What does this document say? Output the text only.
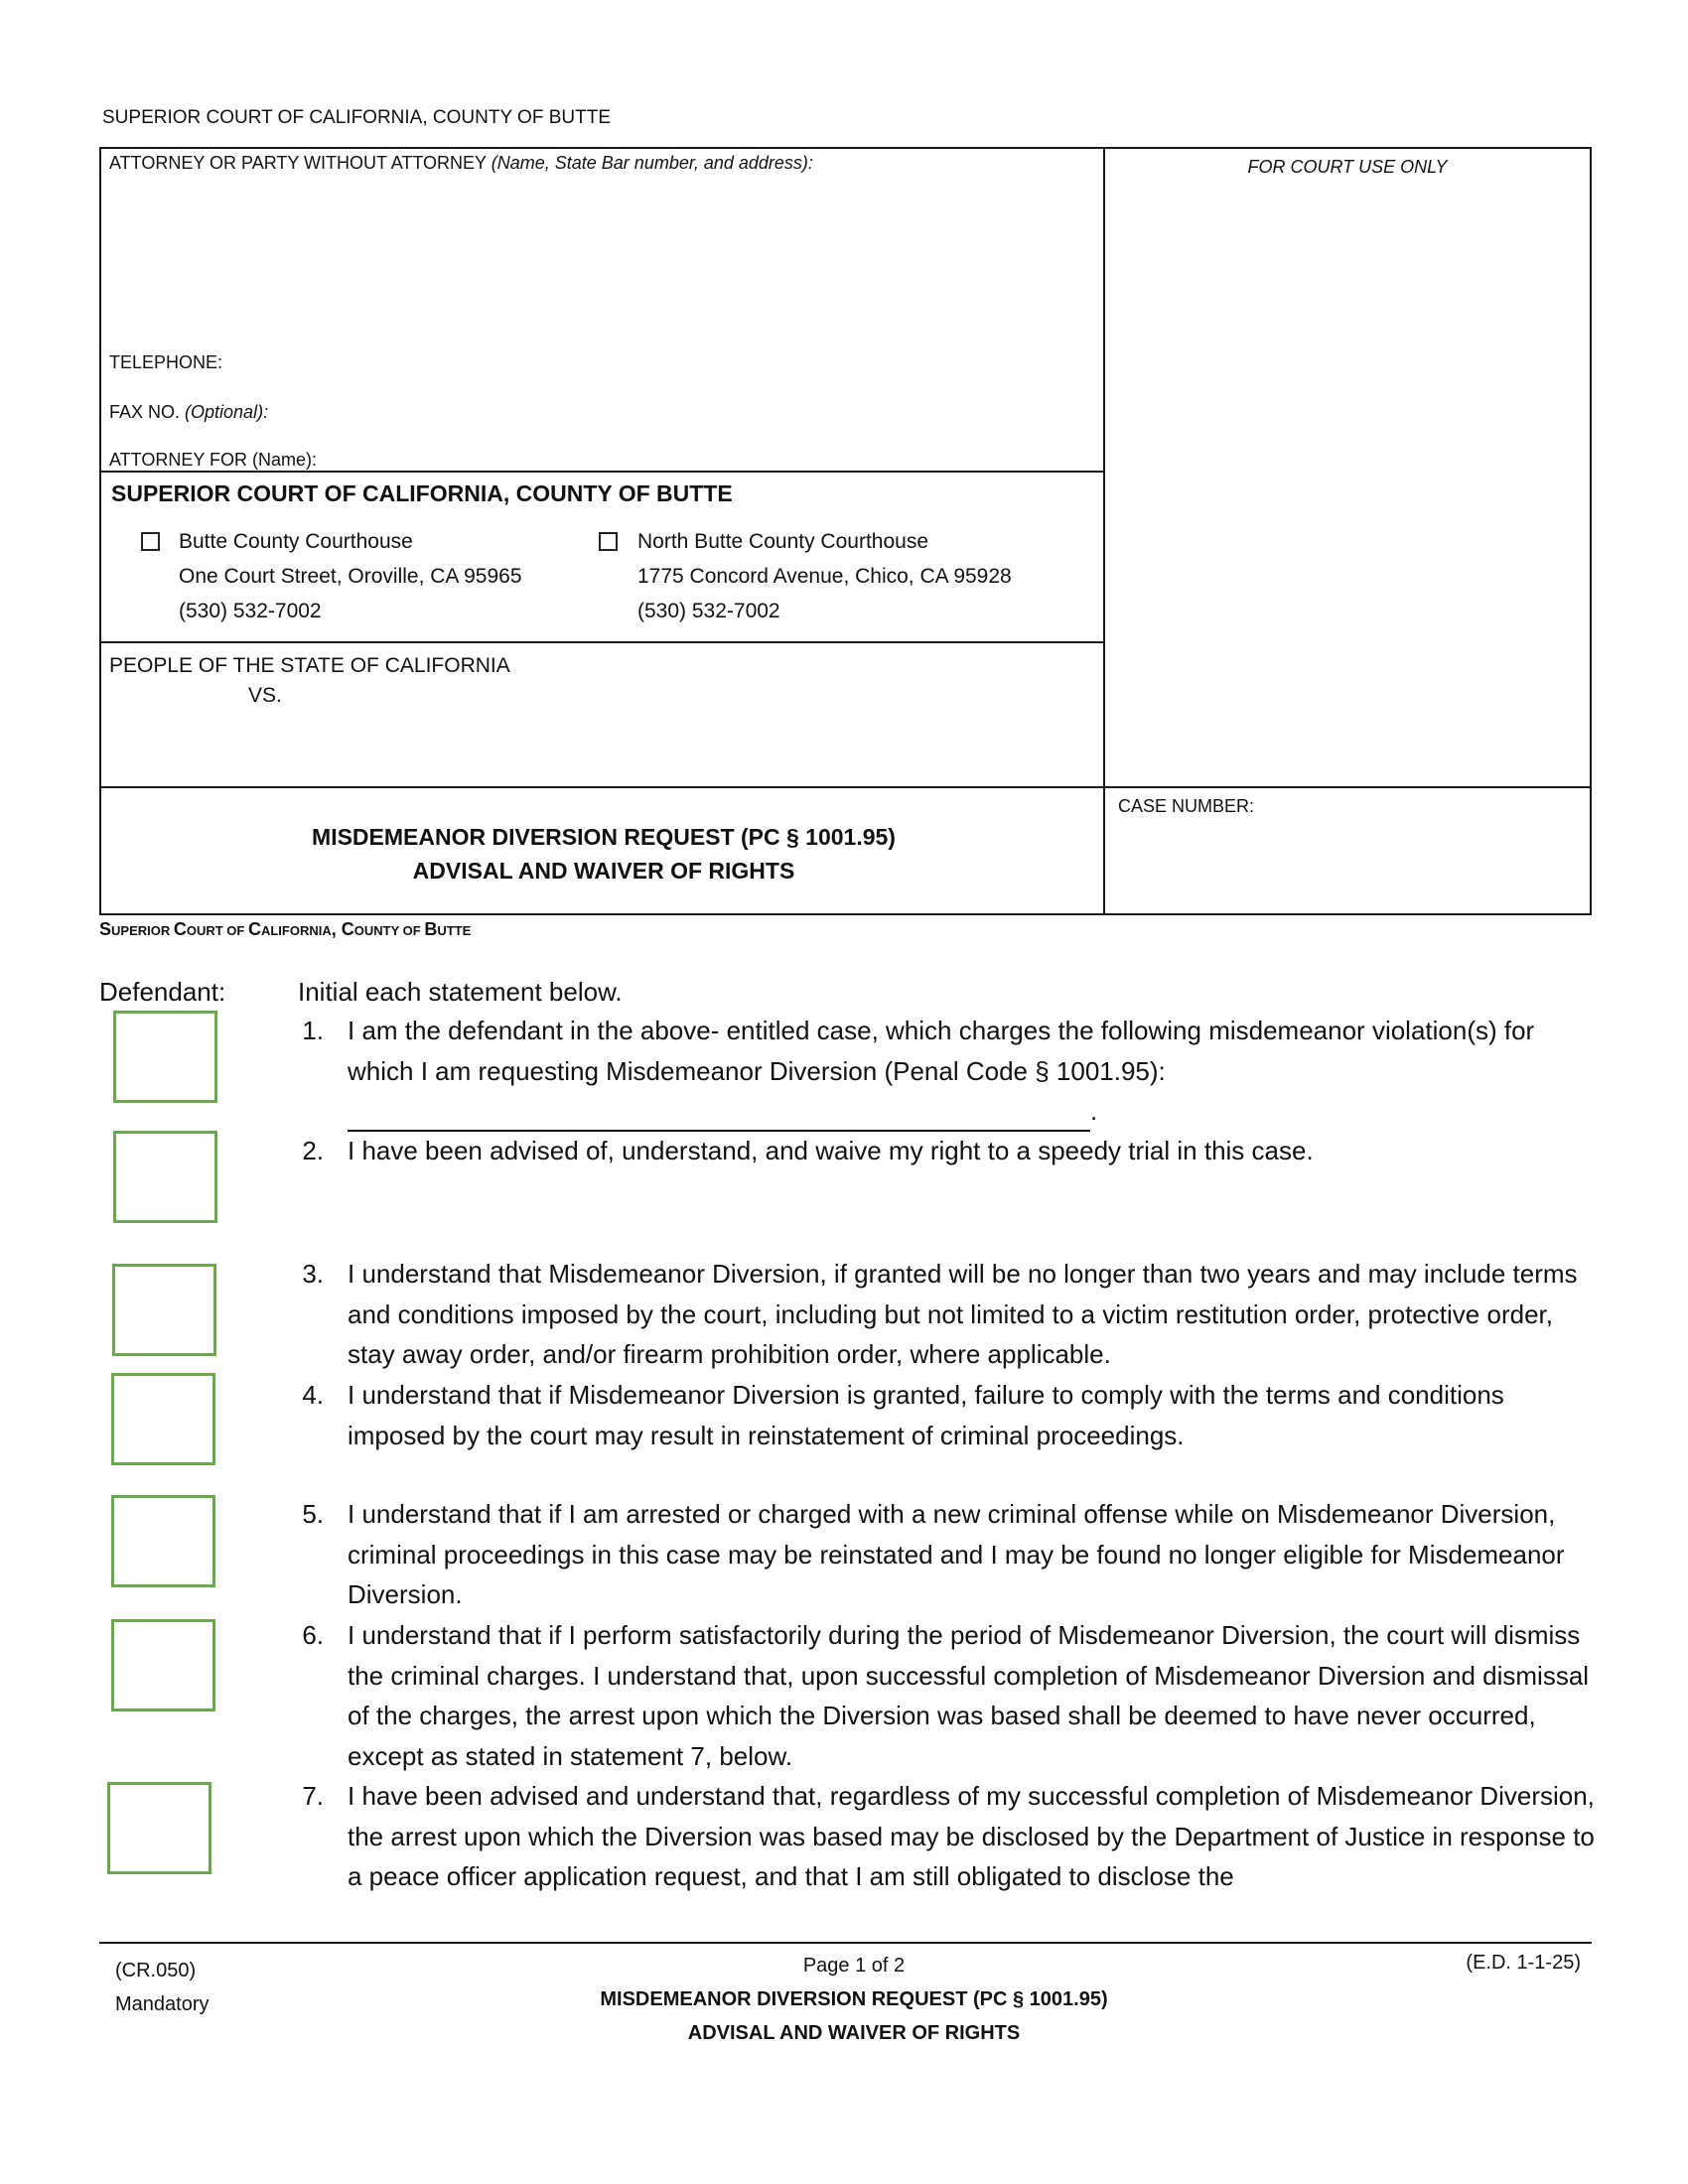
SUPERIOR COURT OF CALIFORNIA, COUNTY OF BUTTE
ATTORNEY OR PARTY WITHOUT ATTORNEY (Name, State Bar number, and address):
TELEPHONE:
FAX NO. (Optional):
ATTORNEY FOR (Name):
FOR COURT USE ONLY
SUPERIOR COURT OF CALIFORNIA, COUNTY OF BUTTE
Butte County Courthouse
One Court Street, Oroville, CA 95965
(530) 532-7002
North Butte County Courthouse
1775 Concord Avenue, Chico, CA 95928
(530) 532-7002
PEOPLE OF THE STATE OF CALIFORNIA
VS.
CASE NUMBER:
MISDEMEANOR DIVERSION REQUEST (PC § 1001.95)
ADVISAL AND WAIVER OF RIGHTS
SUPERIOR COURT OF CALIFORNIA, COUNTY OF BUTTE
Defendant:	Initial each statement below.
1. I am the defendant in the above- entitled case, which charges the following misdemeanor violation(s) for which I am requesting Misdemeanor Diversion (Penal Code § 1001.95):
.
2. I have been advised of, understand, and waive my right to a speedy trial in this case.
3. I understand that Misdemeanor Diversion, if granted will be no longer than two years and may include terms and conditions imposed by the court, including but not limited to a victim restitution order, protective order, stay away order, and/or firearm prohibition order, where applicable.
4. I understand that if Misdemeanor Diversion is granted, failure to comply with the terms and conditions imposed by the court may result in reinstatement of criminal proceedings.
5. I understand that if I am arrested or charged with a new criminal offense while on Misdemeanor Diversion, criminal proceedings in this case may be reinstated and I may be found no longer eligible for Misdemeanor Diversion.
6. I understand that if I perform satisfactorily during the period of Misdemeanor Diversion, the court will dismiss the criminal charges. I understand that, upon successful completion of Misdemeanor Diversion and dismissal of the charges, the arrest upon which the Diversion was based shall be deemed to have never occurred, except as stated in statement 7, below.
7. I have been advised and understand that, regardless of my successful completion of Misdemeanor Diversion, the arrest upon which the Diversion was based may be disclosed by the Department of Justice in response to a peace officer application request, and that I am still obligated to disclose the
(CR.050)
Mandatory
Page 1 of 2
MISDEMEANOR DIVERSION REQUEST (PC § 1001.95)
ADVISAL AND WAIVER OF RIGHTS
(E.D. 1-1-25)
